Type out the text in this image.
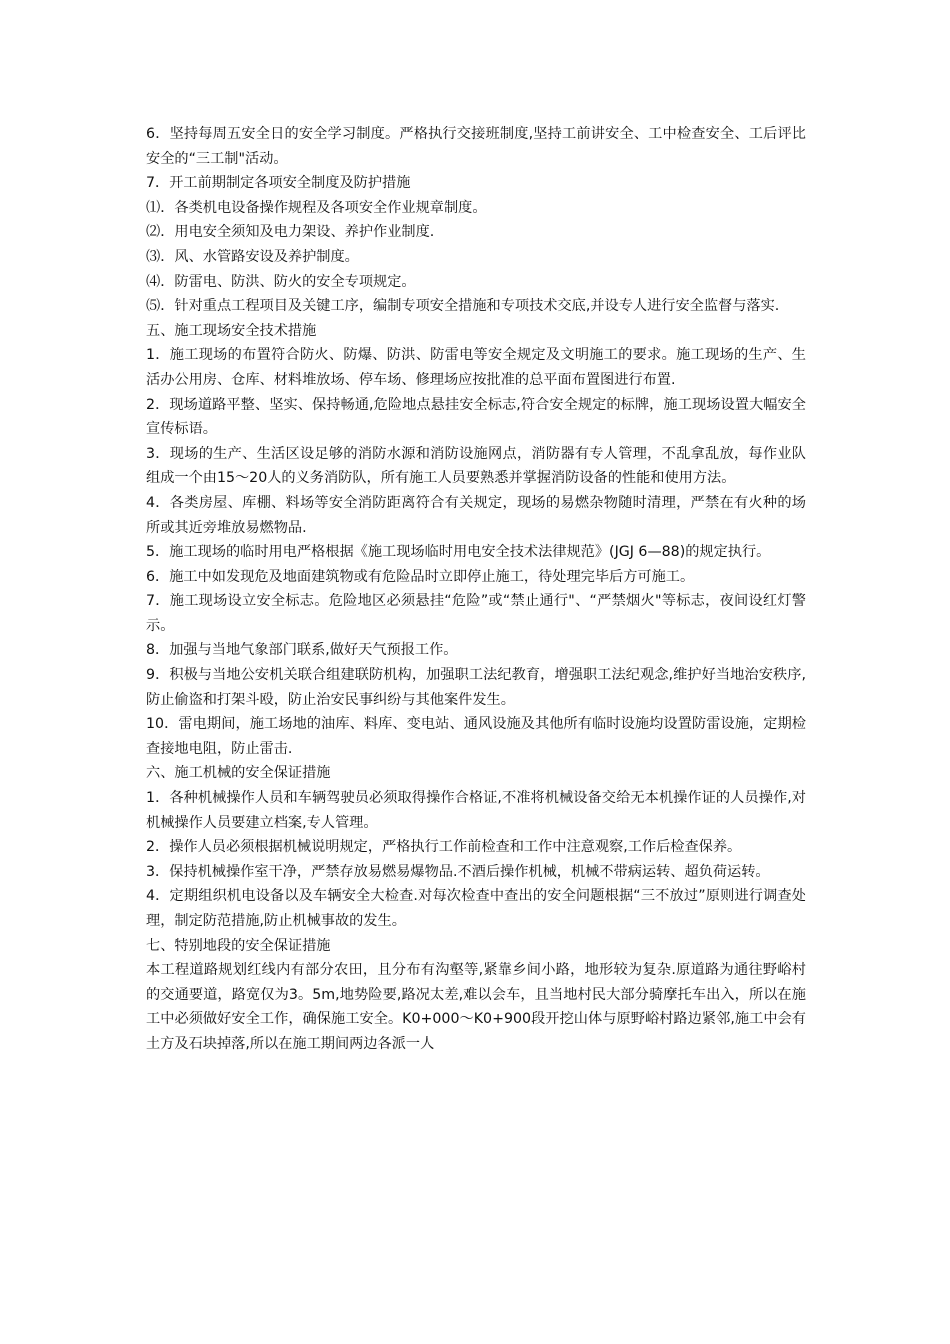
6．坚持每周五安全日的安全学习制度。严格执行交接班制度,坚持工前讲安全、工中检查安全、工后评比安全的“三工制"活动。

7．开工前期制定各项安全制度及防护措施

⑴．各类机电设备操作规程及各项安全作业规章制度。

⑵．用电安全须知及电力架设、养护作业制度.

⑶．风、水管路安设及养护制度。

⑷．防雷电、防洪、防火的安全专项规定。

⑸．针对重点工程项目及关键工序，编制专项安全措施和专项技术交底,并设专人进行安全监督与落实.

五、施工现场安全技术措施

1．施工现场的布置符合防火、防爆、防洪、防雷电等安全规定及文明施工的要求。施工现场的生产、生活办公用房、仓库、材料堆放场、停车场、修理场应按批准的总平面布置图进行布置.

2．现场道路平整、坚实、保持畅通,危险地点悬挂安全标志,符合安全规定的标牌，施工现场设置大幅安全宣传标语。

3．现场的生产、生活区设足够的消防水源和消防设施网点，消防器有专人管理，不乱拿乱放，每作业队组成一个由15～20人的义务消防队，所有施工人员要熟悉并掌握消防设备的性能和使用方法。

4．各类房屋、库棚、料场等安全消防距离符合有关规定，现场的易燃杂物随时清理，严禁在有火种的场所或其近旁堆放易燃物品.

5．施工现场的临时用电严格根据《施工现场临时用电安全技术法律规范》(JGJ 6—88)的规定执行。

6．施工中如发现危及地面建筑物或有危险品时立即停止施工，待处理完毕后方可施工。

7．施工现场设立安全标志。危险地区必须悬挂“危险”或“禁止通行"、“严禁烟火"等标志，夜间设红灯警示。

8．加强与当地气象部门联系,做好天气预报工作。

9．积极与当地公安机关联合组建联防机构，加强职工法纪教育，增强职工法纪观念,维护好当地治安秩序,防止偷盗和打架斗殴，防止治安民事纠纷与其他案件发生。

10．雷电期间，施工场地的油库、料库、变电站、通风设施及其他所有临时设施均设置防雷设施，定期检查接地电阻，防止雷击.

六、施工机械的安全保证措施

1．各种机械操作人员和车辆驾驶员必须取得操作合格证,不准将机械设备交给无本机操作证的人员操作,对机械操作人员要建立档案,专人管理。

2．操作人员必须根据机械说明规定，严格执行工作前检查和工作中注意观察,工作后检查保养。

3．保持机械操作室干净，严禁存放易燃易爆物品.不酒后操作机械，机械不带病运转、超负荷运转。

4．定期组织机电设备以及车辆安全大检查.对每次检查中查出的安全问题根据“三不放过”原则进行调查处理，制定防范措施,防止机械事故的发生。

七、特别地段的安全保证措施

本工程道路规划红线内有部分农田，且分布有沟壑等,紧靠乡间小路，地形较为复杂.原道路为通往野峪村的交通要道，路宽仅为3。5m,地势险要,路况太差,难以会车，且当地村民大部分骑摩托车出入，所以在施工中必须做好安全工作，确保施工安全。K0+000～K0+900段开挖山体与原野峪村路边紧邻,施工中会有土方及石块掉落,所以在施工期间两边各派一人
